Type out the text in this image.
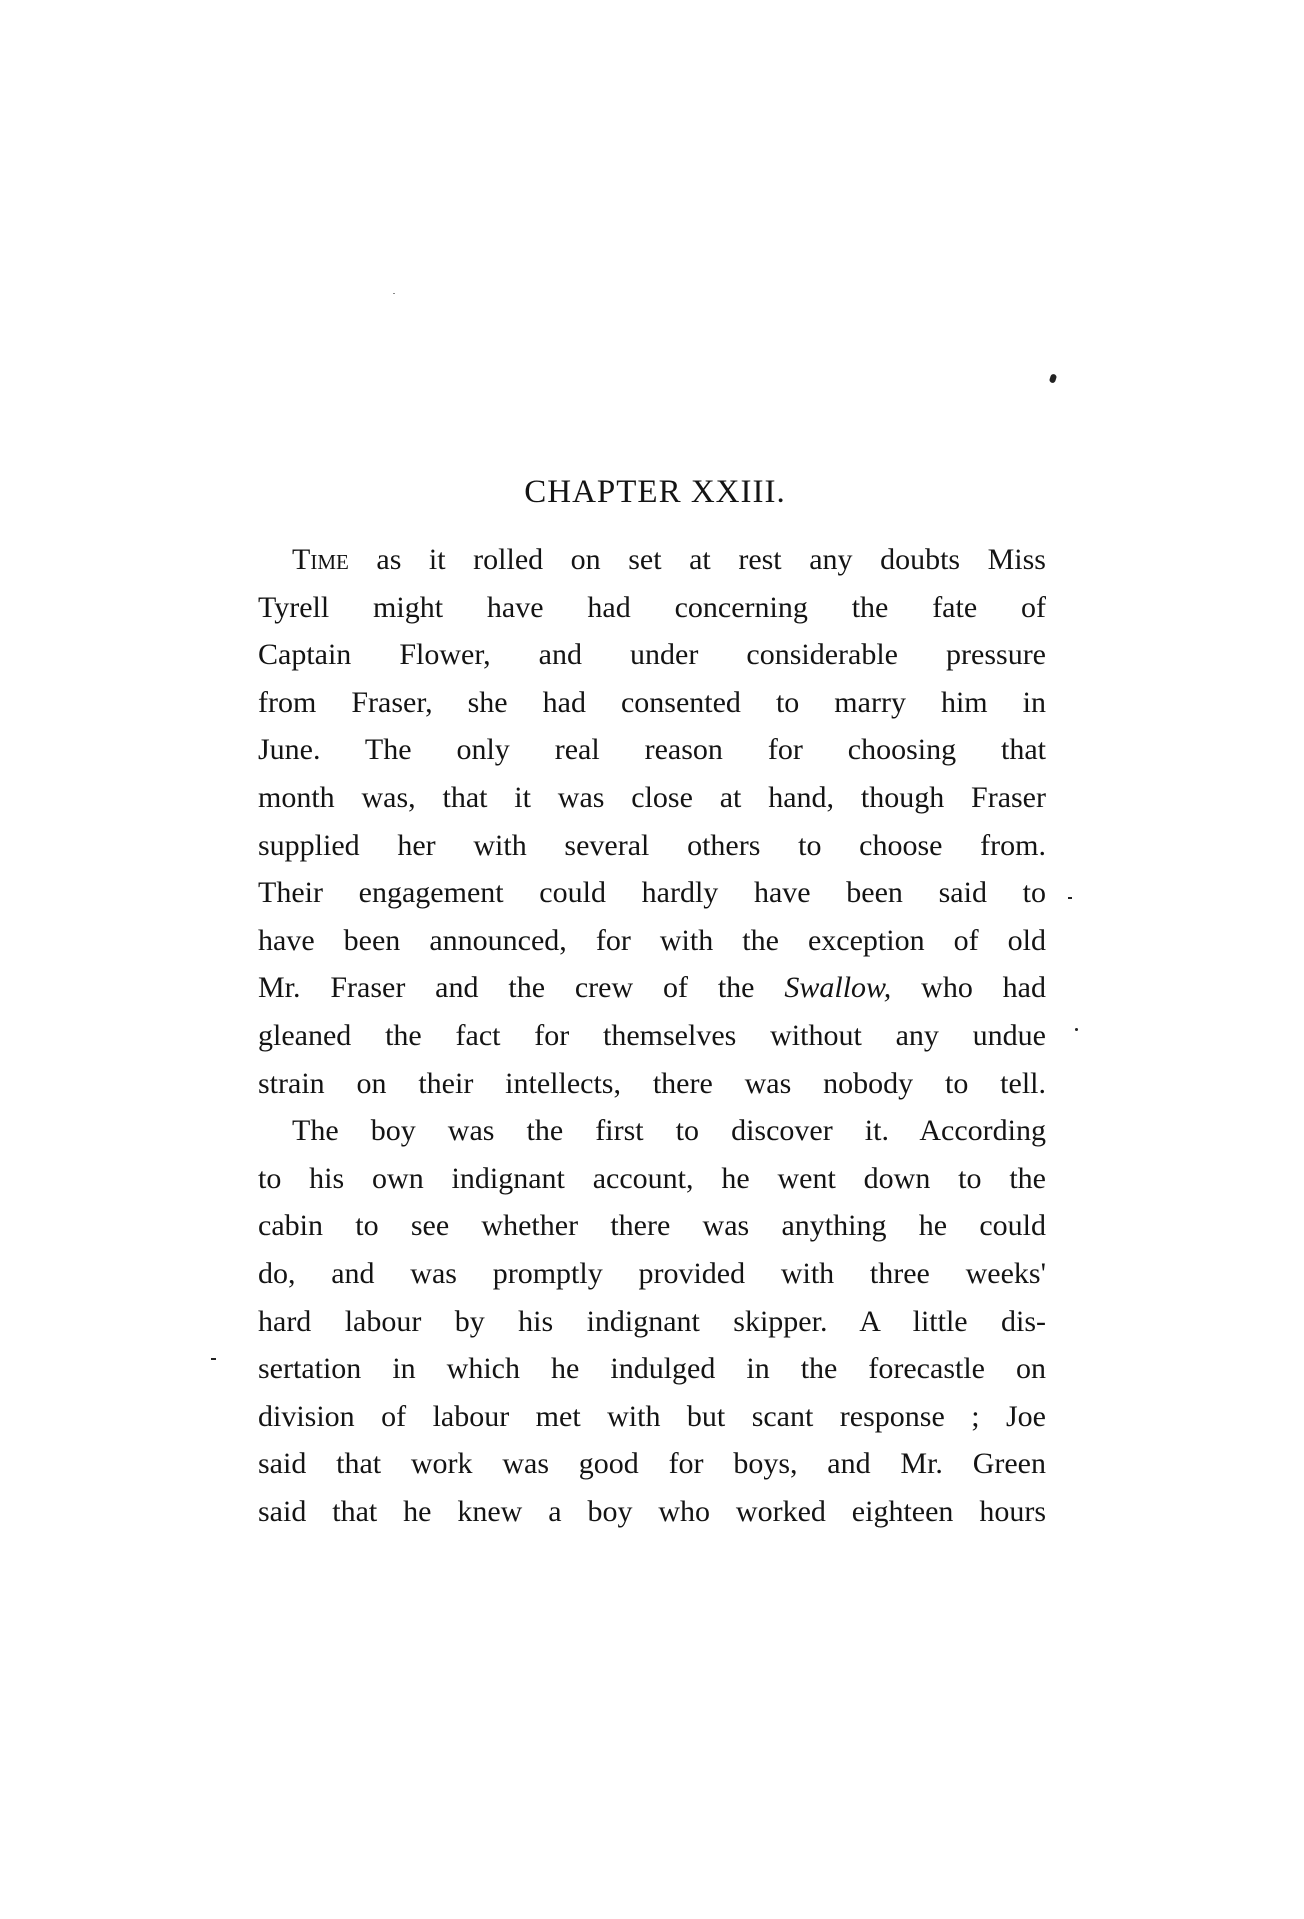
CHAPTER XXIII.
Time as it rolled on set at rest any doubts Miss
Tyrell might have had concerning the fate of
Captain Flower, and under considerable pressure
from Fraser, she had consented to marry him in
June. The only real reason for choosing that
month was, that it was close at hand, though Fraser
supplied her with several others to choose from.
Their engagement could hardly have been said to
have been announced, for with the exception of old
Mr. Fraser and the crew of the Swallow, who had
gleaned the fact for themselves without any undue
strain on their intellects, there was nobody to tell.
The boy was the first to discover it. According
to his own indignant account, he went down to the
cabin to see whether there was anything he could
do, and was promptly provided with three weeks'
hard labour by his indignant skipper. A little dis-
sertation in which he indulged in the forecastle on
division of labour met with but scant response ; Joe
said that work was good for boys, and Mr. Green
said that he knew a boy who worked eighteen hours
